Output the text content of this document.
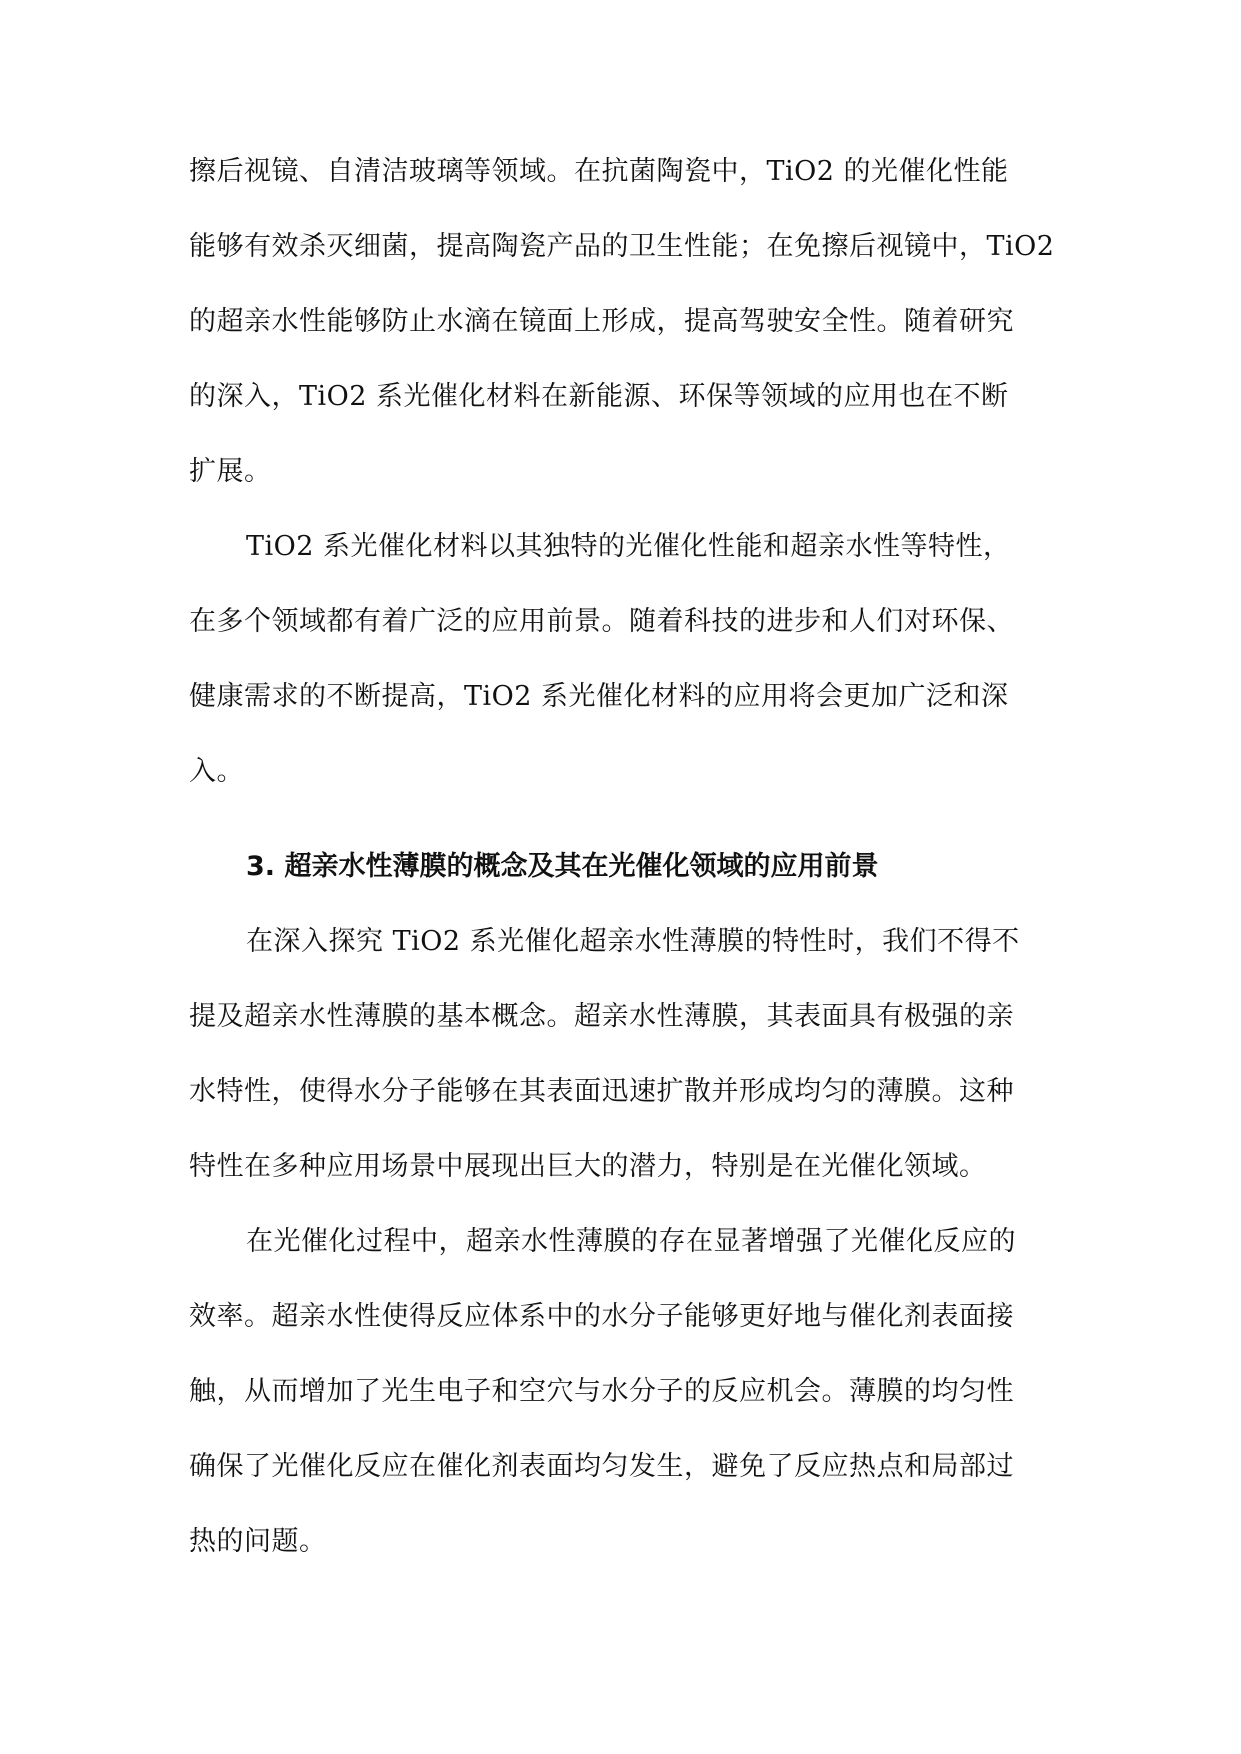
擦后视镜、自清洁玻璃等领域。在抗菌陶瓷中，TiO2 的光催化性能
能够有效杀灭细菌，提高陶瓷产品的卫生性能；在免擦后视镜中，TiO2
的超亲水性能够防止水滴在镜面上形成，提高驾驶安全性。随着研究
的深入，TiO2 系光催化材料在新能源、环保等领域的应用也在不断
扩展。
TiO2 系光催化材料以其独特的光催化性能和超亲水性等特性，
在多个领域都有着广泛的应用前景。随着科技的进步和人们对环保、
健康需求的不断提高，TiO2 系光催化材料的应用将会更加广泛和深
入。
3. 超亲水性薄膜的概念及其在光催化领域的应用前景
在深入探究 TiO2 系光催化超亲水性薄膜的特性时，我们不得不
提及超亲水性薄膜的基本概念。超亲水性薄膜，其表面具有极强的亲
水特性，使得水分子能够在其表面迅速扩散并形成均匀的薄膜。这种
特性在多种应用场景中展现出巨大的潜力，特别是在光催化领域。
在光催化过程中，超亲水性薄膜的存在显著增强了光催化反应的
效率。超亲水性使得反应体系中的水分子能够更好地与催化剂表面接
触，从而增加了光生电子和空穴与水分子的反应机会。薄膜的均匀性
确保了光催化反应在催化剂表面均匀发生，避免了反应热点和局部过
热的问题。
